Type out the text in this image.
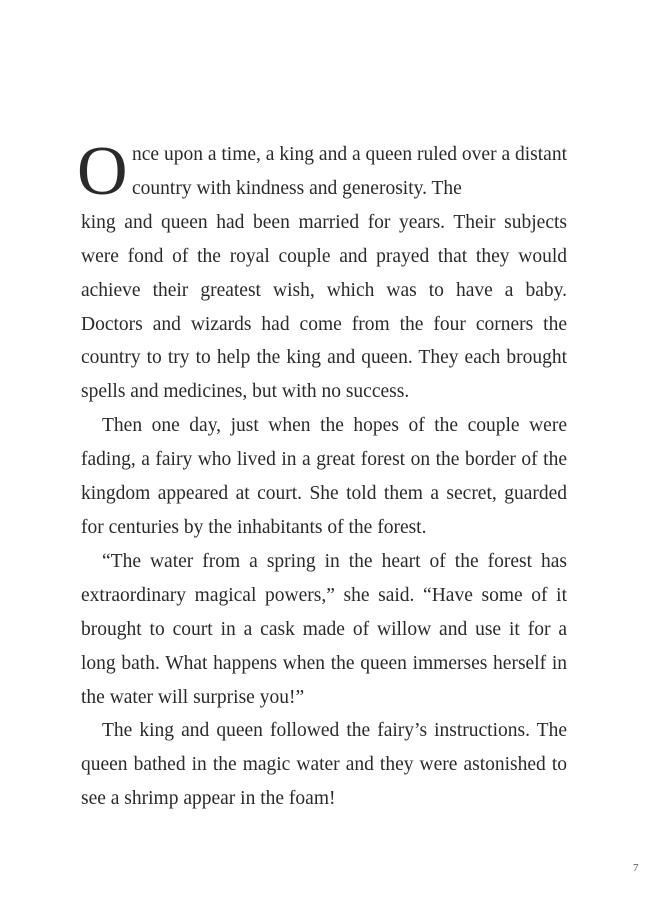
O nce upon a time, a king and a queen ruled over a distant country with kindness and generosity. The

king and queen had been married for years. Their subjects were fond of the royal couple and prayed that they would achieve their greatest wish, which was to have a baby. Doctors and wizards had come from the four corners the country to try to help the king and queen. They each brought spells and medicines, but with no success.

Then one day, just when the hopes of the couple were fading, a fairy who lived in a great forest on the border of the kingdom appeared at court. She told them a secret, guarded for centuries by the inhabitants of the forest.

“The water from a spring in the heart of the forest has extraordinary magical powers,” she said. “Have some of it brought to court in a cask made of willow and use it for a long bath. What happens when the queen immerses herself in the water will surprise you!”

The king and queen followed the fairy’s instructions. The queen bathed in the magic water and they were astonished to see a shrimp appear in the foam!

7
